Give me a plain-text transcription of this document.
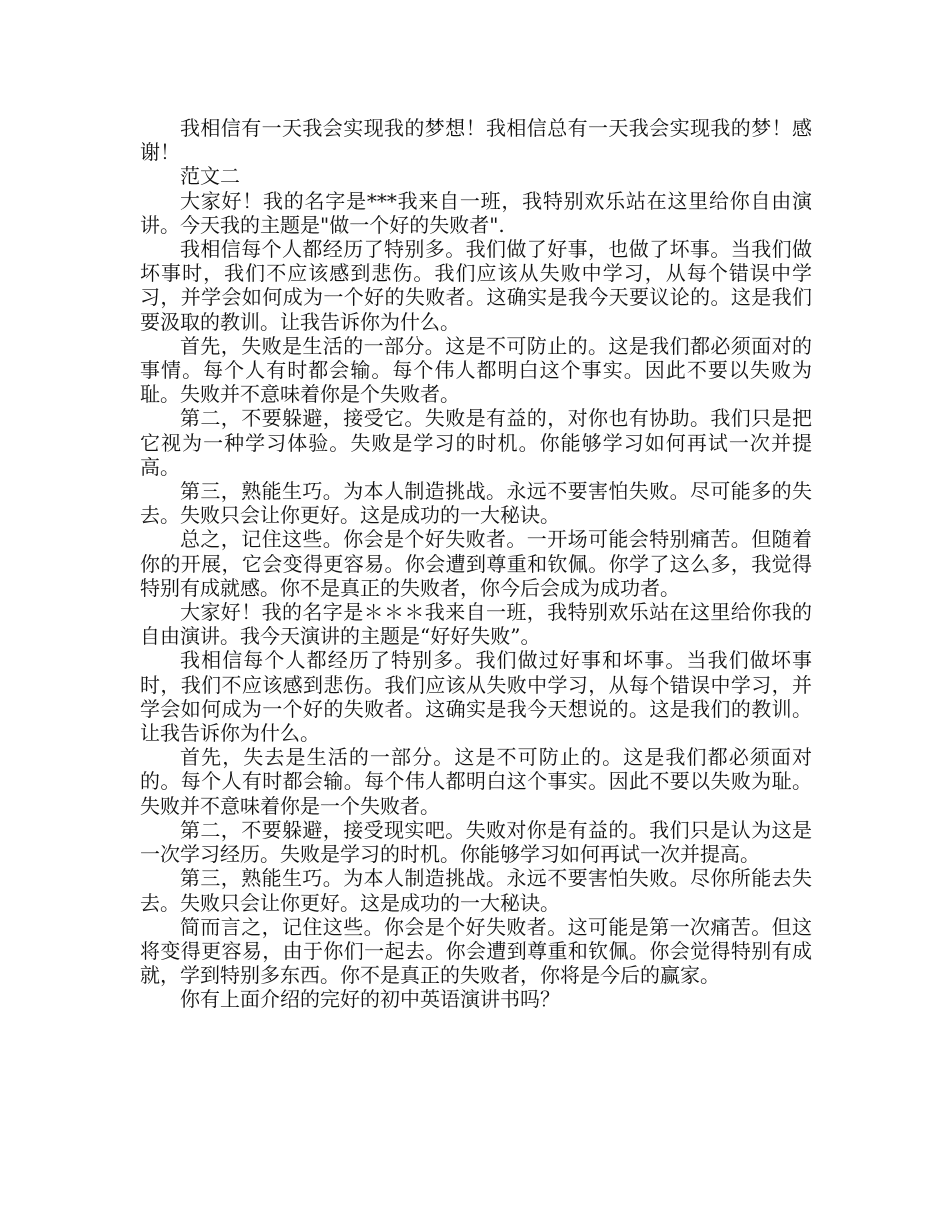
我相信有一天我会实现我的梦想！我相信总有一天我会实现我的梦！感谢！

范文二

大家好！我的名字是***我来自一班，我特别欢乐站在这里给你自由演讲。今天我的主题是"做一个好的失败者".

我相信每个人都经历了特别多。我们做了好事，也做了坏事。当我们做坏事时，我们不应该感到悲伤。我们应该从失败中学习，从每个错误中学习，并学会如何成为一个好的失败者。这确实是我今天要议论的。这是我们要汲取的教训。让我告诉你为什么。

首先，失败是生活的一部分。这是不可防止的。这是我们都必须面对的事情。每个人有时都会输。每个伟人都明白这个事实。因此不要以失败为耻。失败并不意味着你是个失败者。

第二，不要躲避，接受它。失败是有益的，对你也有协助。我们只是把它视为一种学习体验。失败是学习的时机。你能够学习如何再试一次并提高。

第三，熟能生巧。为本人制造挑战。永远不要害怕失败。尽可能多的失去。失败只会让你更好。这是成功的一大秘诀。

总之，记住这些。你会是个好失败者。一开场可能会特别痛苦。但随着你的开展，它会变得更容易。你会遭到尊重和钦佩。你学了这么多，我觉得特别有成就感。你不是真正的失败者，你今后会成为成功者。

大家好！我的名字是＊＊＊我来自一班，我特别欢乐站在这里给你我的自由演讲。我今天演讲的主题是“好好失败”。

我相信每个人都经历了特别多。我们做过好事和坏事。当我们做坏事时，我们不应该感到悲伤。我们应该从失败中学习，从每个错误中学习，并学会如何成为一个好的失败者。这确实是我今天想说的。这是我们的教训。让我告诉你为什么。

首先，失去是生活的一部分。这是不可防止的。这是我们都必须面对的。每个人有时都会输。每个伟人都明白这个事实。因此不要以失败为耻。失败并不意味着你是一个失败者。

第二，不要躲避，接受现实吧。失败对你是有益的。我们只是认为这是一次学习经历。失败是学习的时机。你能够学习如何再试一次并提高。

第三，熟能生巧。为本人制造挑战。永远不要害怕失败。尽你所能去失去。失败只会让你更好。这是成功的一大秘诀。

简而言之，记住这些。你会是个好失败者。这可能是第一次痛苦。但这将变得更容易，由于你们一起去。你会遭到尊重和钦佩。你会觉得特别有成就，学到特别多东西。你不是真正的失败者，你将是今后的赢家。

你有上面介绍的完好的初中英语演讲书吗？
